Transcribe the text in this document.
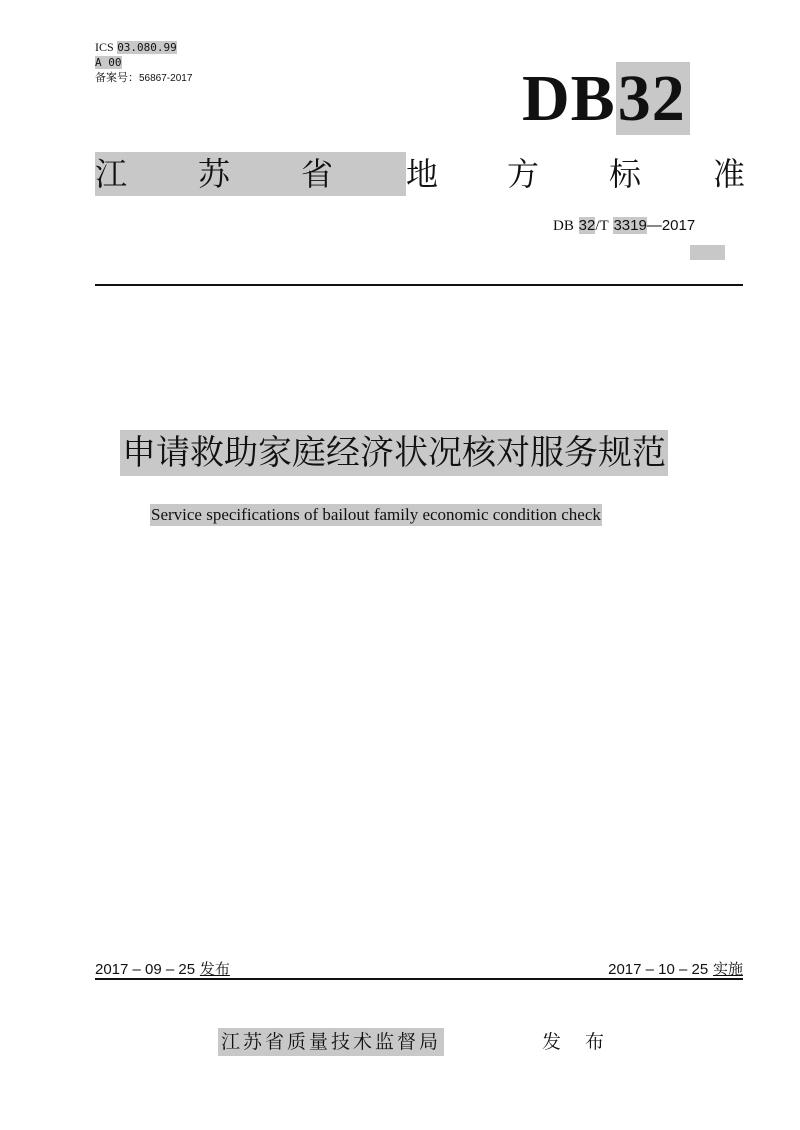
ICS 03.080.99
A 00
备案号：56867-2017	DB32
江 苏 省 地 方 标 准
DB 32/T 3319—2017
申请救助家庭经济状况核对服务规范
Service specifications of bailout family economic condition check
2017 – 09 – 25 发布	2017 – 10 – 25 实施
江苏省质量技术监督局	发 布
